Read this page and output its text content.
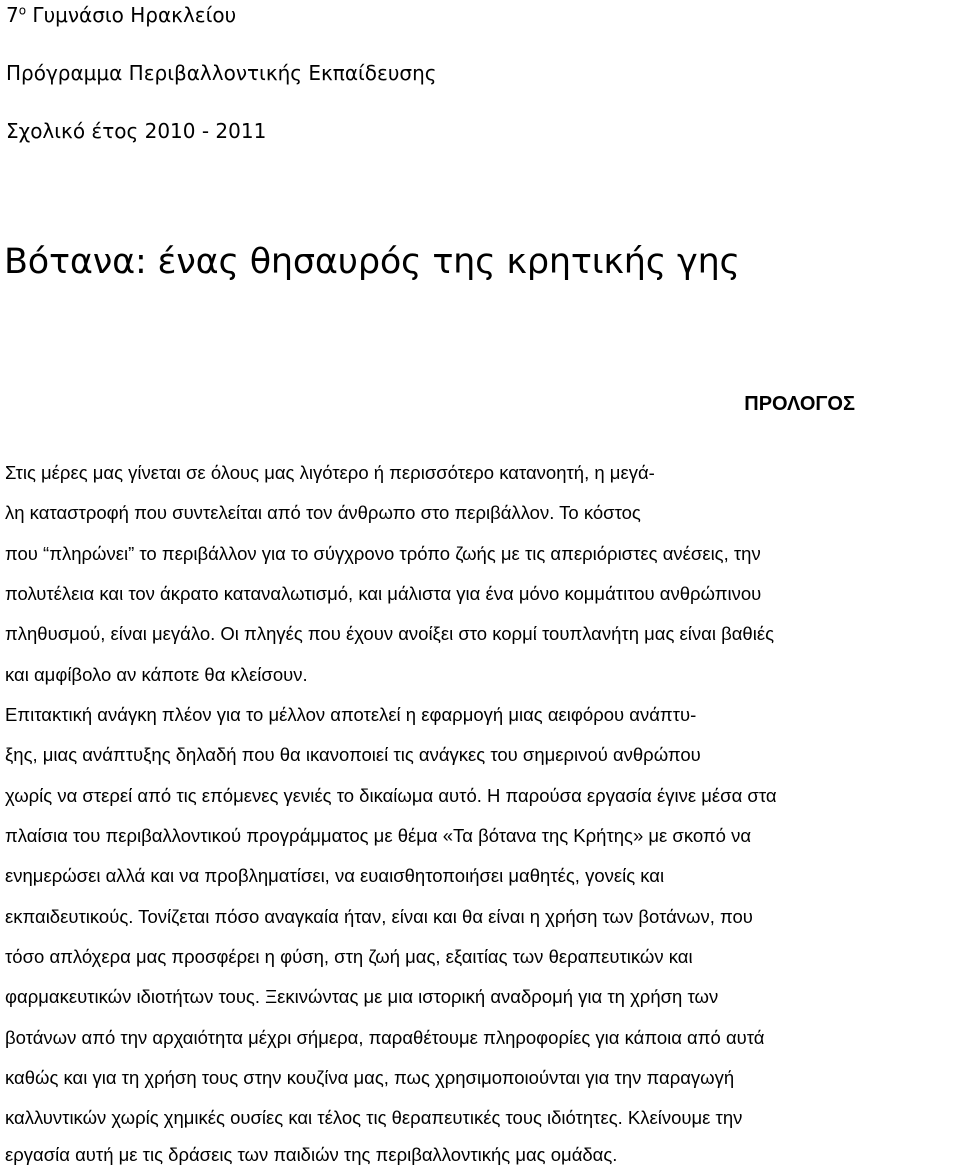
$7^o$ Γυμνάσιο Ηρακλείου
Πρόγραμμα Περιβαλλοντικής Εκπαίδευσης
Σχολικό έτος 2010 - 2011
Βότανα: ένας θησαυρός της κρητικής γης
ΠΡΟΛΟΓΟΣ
Στις μέρες μας γίνεται σε όλους μας λιγότερο ή περισσότερο κατανοητή, η μεγά-
λη καταστροφή που συντελείται από τον άνθρωπο στο περιβάλλον. Το κόστος
που “πληρώνει” το περιβάλλον για το σύγχρονο τρόπο ζωής με τις απεριόριστες ανέσεις, την
πολυτέλεια και τον άκρατο καταναλωτισμό, και μάλιστα για ένα μόνο κομμάτιτου ανθρώπινου
πληθυσμού, είναι μεγάλο. Οι πληγές που έχουν ανοίξει στο κορμί τουπλανήτη μας είναι βαθιές
και αμφίβολο αν κάποτε θα κλείσουν.
Επιτακτική ανάγκη πλέον για το μέλλον αποτελεί η εφαρμογή μιας αειφόρου ανάπτυ-
ξης, μιας ανάπτυξης δηλαδή που θα ικανοποιεί τις ανάγκες του σημερινού ανθρώπου
χωρίς να στερεί από τις επόμενες γενιές το δικαίωμα αυτό. Η παρούσα εργασία έγινε μέσα στα
πλαίσια του περιβαλλοντικού προγράμματος με θέμα «Τα βότανα της Κρήτης» με σκοπό να
ενημερώσει αλλά και να προβληματίσει, να ευαισθητοποιήσει μαθητές, γονείς και
εκπαιδευτικούς. Τονίζεται πόσο αναγκαία ήταν, είναι και θα είναι η χρήση των βοτάνων, που
τόσο απλόχερα μας προσφέρει η φύση, στη ζωή μας, εξαιτίας των θεραπευτικών και
φαρμακευτικών ιδιοτήτων τους. Ξεκινώντας με μια ιστορική αναδρομή για τη χρήση των
βοτάνων από την αρχαιότητα μέχρι σήμερα, παραθέτουμε πληροφορίες για κάποια από αυτά
καθώς και για τη χρήση τους στην κουζίνα μας, πως χρησιμοποιούνται για την παραγωγή
καλλυντικών χωρίς χημικές ουσίες και τέλος τις θεραπευτικές τους ιδιότητες. Κλείνουμε την
εργασία αυτή με τις δράσεις των παιδιών της περιβαλλοντικής μας ομάδας.
